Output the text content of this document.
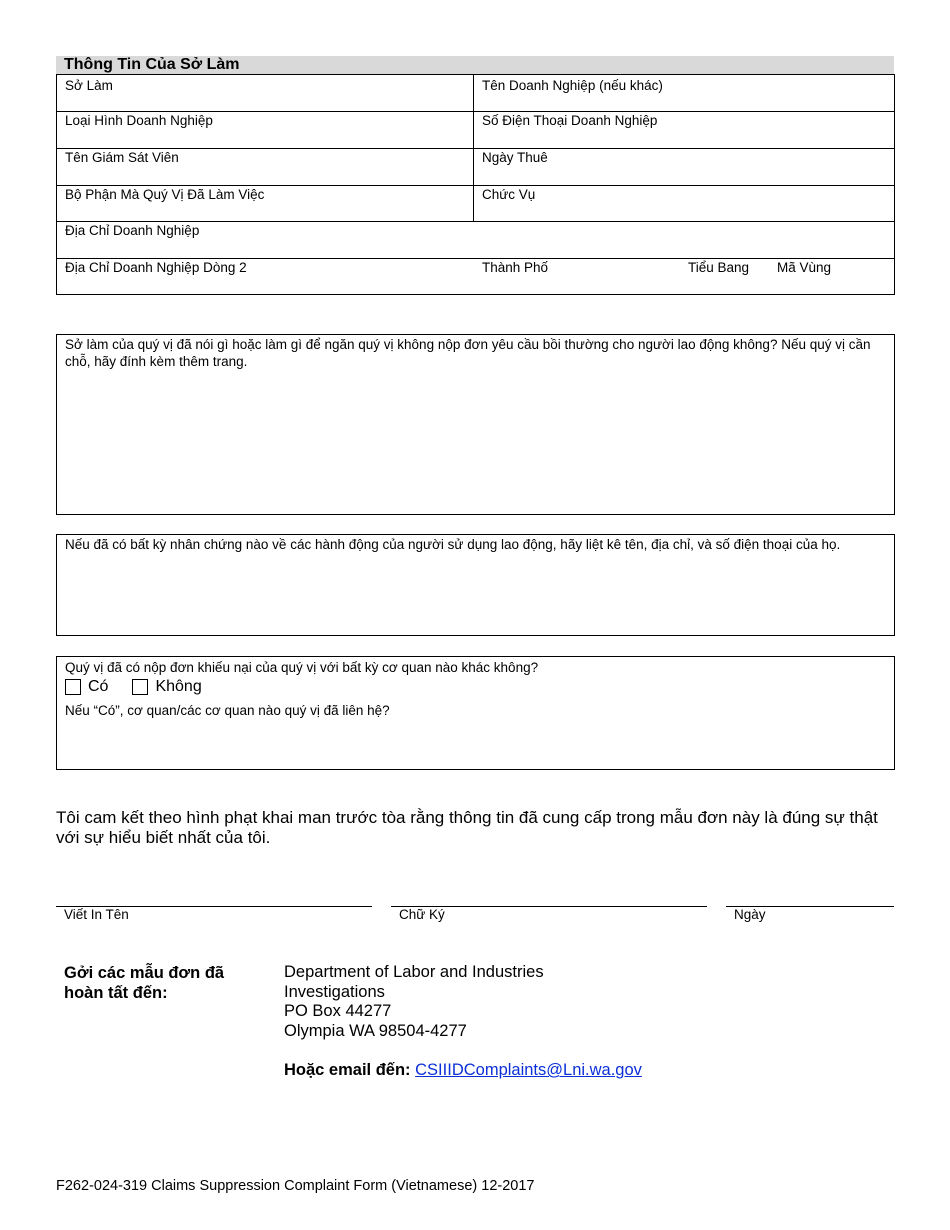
Thông Tin Của Sở Làm
Sở Làm	Tên Doanh Nghiệp (nếu khác)
Loại Hình Doanh Nghiệp	Số Điện Thoại Doanh Nghiệp
Tên Giám Sát Viên	Ngày Thuê
Bộ Phận Mà Quý Vị Đã Làm Việc	Chức Vụ
Địa Chỉ Doanh Nghiệp
Địa Chỉ Doanh Nghiệp Dòng 2	Thành Phố	Tiểu Bang	Mã Vùng
Sở làm của quý vị đã nói gì hoặc làm gì để ngăn quý vị không nộp đơn yêu cầu bồi thường cho người lao động không? Nếu quý vị cần chỗ, hãy đính kèm thêm trang.
Nếu đã có bất kỳ nhân chứng nào về các hành động của người sử dụng lao động, hãy liệt kê tên, địa chỉ, và số điện thoại của họ.
Quý vị đã có nộp đơn khiếu nại của quý vị với bất kỳ cơ quan nào khác không?
Có	Không
Nếu “Có”, cơ quan/các cơ quan nào quý vị đã liên hệ?
Tôi cam kết theo hình phạt khai man trước tòa rằng thông tin đã cung cấp trong mẫu đơn này là đúng sự thật với sự hiểu biết nhất của tôi.
Viết In Tên	Chữ Ký	Ngày
Gởi các mẫu đơn đã hoàn tất đến:
Department of Labor and Industries
Investigations
PO Box 44277
Olympia WA 98504-4277
Hoặc email đến: CSIIIDComplaints@Lni.wa.gov
F262-024-319 Claims Suppression Complaint Form (Vietnamese) 12-2017
